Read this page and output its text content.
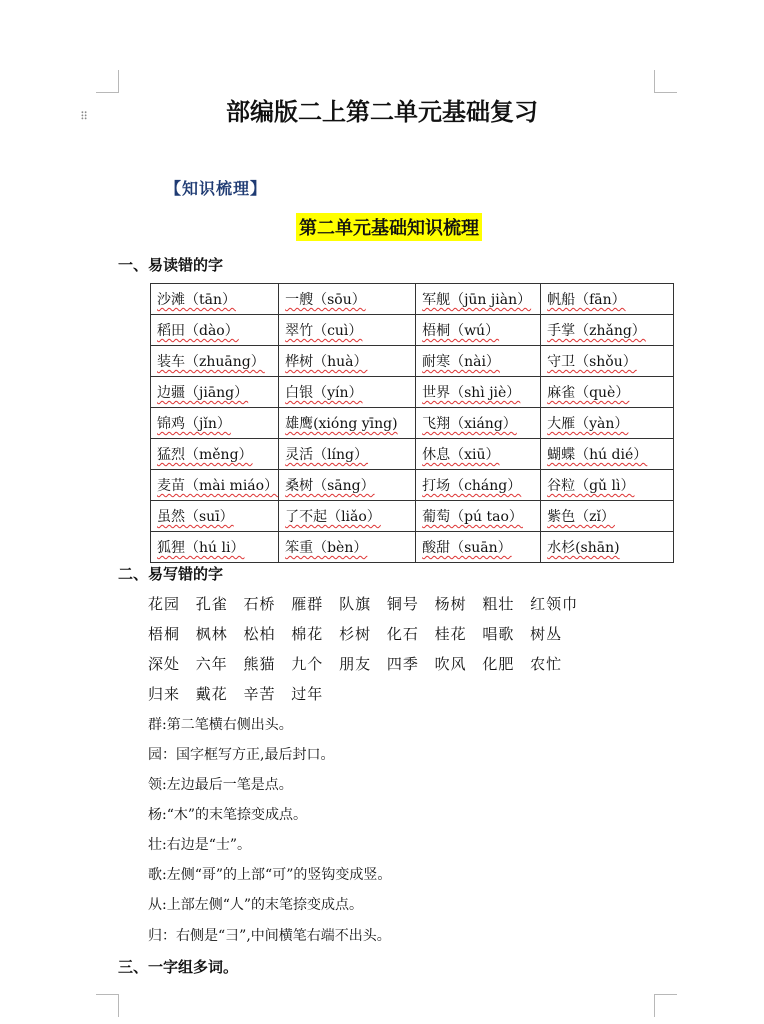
⠿	部编版二上第二单元基础复习
【知识梳理】
第二单元基础知识梳理
一、易读错的字
沙滩（tān）	一艘（sōu）	军舰（jūn jiàn）	帆船（fān）
稻田（dào）	翠竹（cuì）	梧桐（wú）	手掌（zhǎng）
装车（zhuāng）	桦树（huà）	耐寒（nài）	守卫（shǒu）
边疆（jiāng）	白银（yín）	世界（shì jiè）	麻雀（què）
锦鸡（jǐn）	雄鹰(xióng yīng)	飞翔（xiáng）	大雁（yàn）
猛烈（měng）	灵活（líng）	休息（xiū）	蝴蝶（hú dié）
麦苗（mài miáo）	桑树（sāng）	打场（cháng）	谷粒（gǔ lì）
虽然（suī）	了不起（liǎo）	葡萄（pú tao）	紫色（zǐ）
狐狸（hú li）	笨重（bèn）	酸甜（suān）	水杉(shān)
二、易写错的字
花园 孔雀 石桥 雁群 队旗 铜号 杨树 粗壮 红领巾
梧桐 枫林 松柏 棉花 杉树 化石 桂花 唱歌 树丛
深处 六年 熊猫 九个 朋友 四季 吹风 化肥 农忙
归来 戴花 辛苦 过年
群:第二笔横右侧出头。
园：国字框写方正,最后封口。
领:左边最后一笔是点。
杨:“木”的末笔捺变成点。
壮:右边是“士”。
歌:左侧“哥”的上部“可”的竖钩变成竖。
从:上部左侧“人”的末笔捺变成点。
归：右侧是“彐”,中间横笔右端不出头。
三、一字组多词。
